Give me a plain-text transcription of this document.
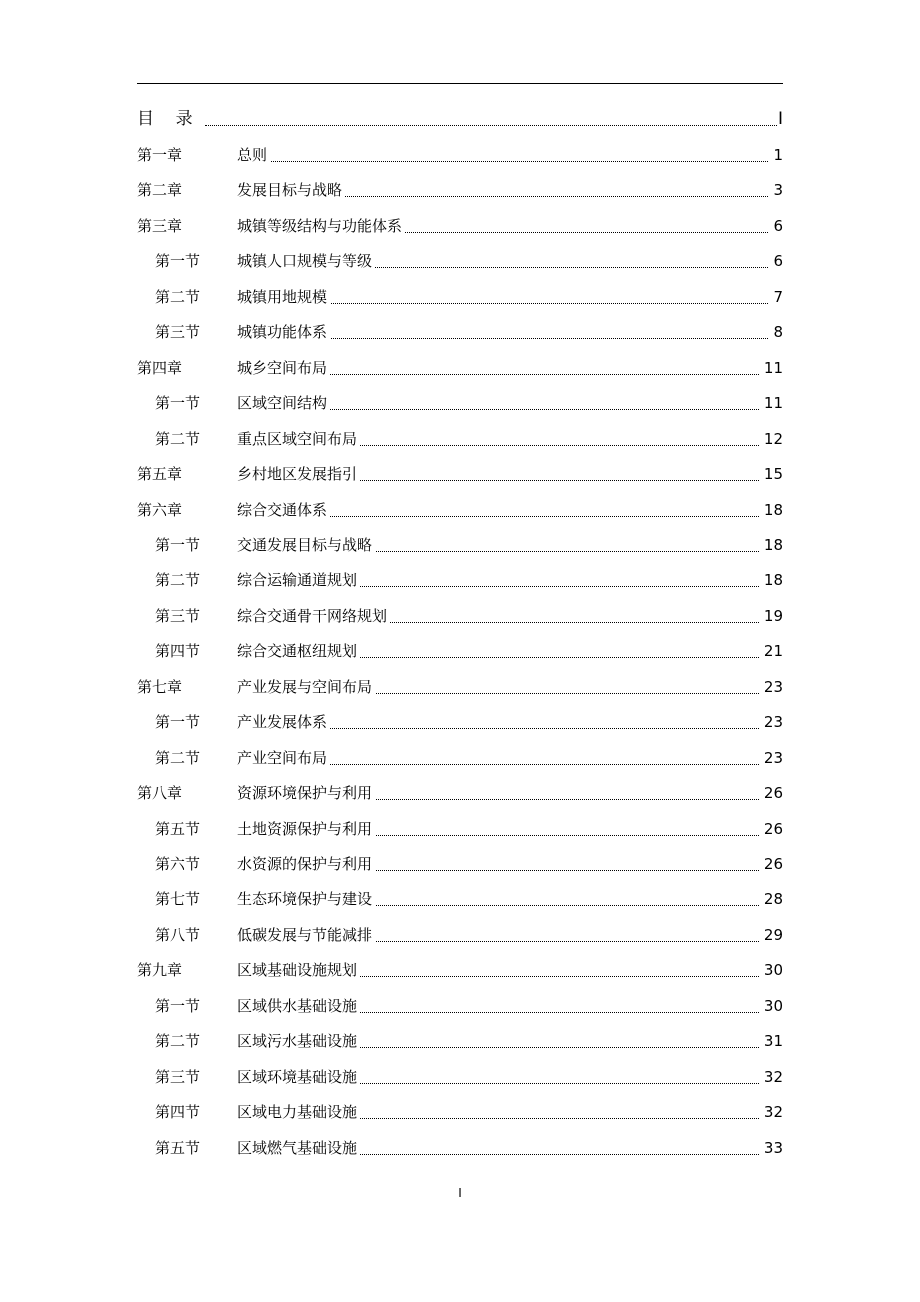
目    录	I
第一章	总则	1
第二章	发展目标与战略	3
第三章	城镇等级结构与功能体系	6
第一节 城镇人口规模与等级	6
第二节 城镇用地规模	7
第三节 城镇功能体系	8
第四章	城乡空间布局	11
第一节 区域空间结构	11
第二节 重点区域空间布局	12
第五章	乡村地区发展指引	15
第六章	综合交通体系	18
第一节 交通发展目标与战略	18
第二节 综合运输通道规划	18
第三节 综合交通骨干网络规划	19
第四节 综合交通枢纽规划	21
第七章	产业发展与空间布局	23
第一节 产业发展体系	23
第二节 产业空间布局	23
第八章	资源环境保护与利用	26
第五节 土地资源保护与利用	26
第六节 水资源的保护与利用	26
第七节 生态环境保护与建设	28
第八节 低碳发展与节能减排	29
第九章	区域基础设施规划	30
第一节 区域供水基础设施	30
第二节 区域污水基础设施	31
第三节 区域环境基础设施	32
第四节 区域电力基础设施	32
第五节 区域燃气基础设施	33
I
